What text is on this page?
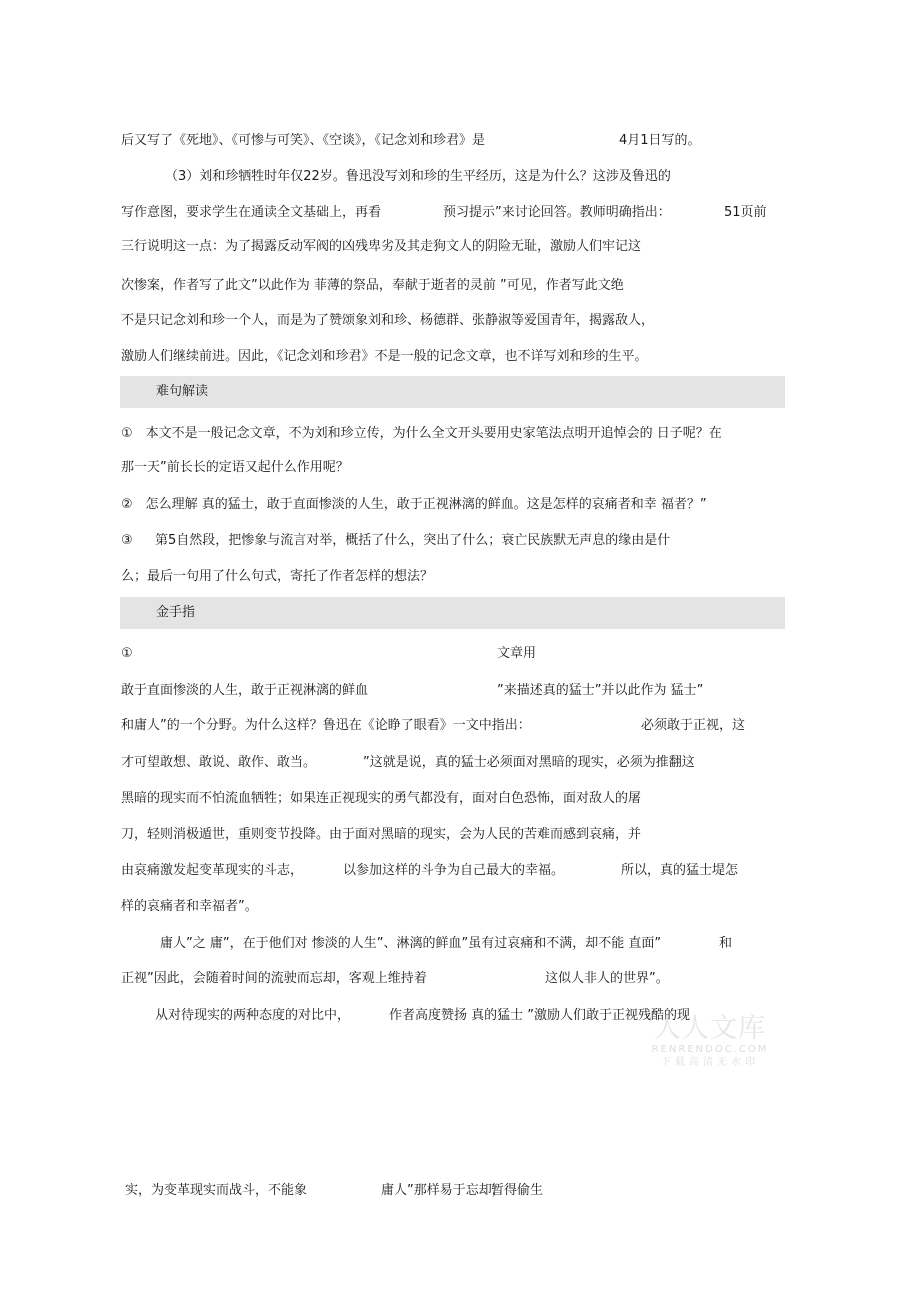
后又写了《死地》、《可惨与可笑》、《空谈》，《记念刘和珍君》是	4月1日写的。
（3）刘和珍牺牲时年仅22岁。鲁迅没写刘和珍的生平经历，这是为什么？这涉及鲁迅的
写作意图，要求学生在通读全文基础上，再看	预习提示”来讨论回答。教师明确指出：	51页前
三行说明这一点：为了揭露反动军阀的凶残卑劣及其走狗文人的阴险无耻，激励人们牢记这
次惨案，作者写了此文”以此作为 菲薄的祭品，奉献于逝者的灵前 ”可见，作者写此文绝
不是只记念刘和珍一个人，而是为了赞颂象刘和珍、杨德群、张静淑等爱国青年，揭露敌人，
激励人们继续前进。因此，《记念刘和珍君》不是一般的记念文章，也不详写刘和珍的生平。
难句解读
①　本文不是一般记念文章，不为刘和珍立传，为什么全文开头要用史家笔法点明开追悼会的 日子呢？在
那一天”前长长的定语又起什么作用呢？
②　怎么理解 真的猛士，敢于直面惨淡的人生，敢于正视淋漓的鲜血。这是怎样的哀痛者和幸 福者？”
③ 第5自然段，把惨象与流言对举，概括了什么，突出了什么；衰亡民族默无声息的缘由是什
么；最后一句用了什么句式，寄托了作者怎样的想法？
金手指
①	文章用
敢于直面惨淡的人生，敢于正视淋漓的鲜血	”来描述真的猛士”并以此作为 猛士”
和庸人”的一个分野。为什么这样？鲁迅在《论睁了眼看》一文中指出：	必须敢于正视，这
才可望敢想、敢说、敢作、敢当。	”这就是说，真的猛士必须面对黑暗的现实，必须为推翻这
黑暗的现实而不怕流血牺牲；如果连正视现实的勇气都没有，面对白色恐怖，面对敌人的屠
刀，轻则消极遁世，重则变节投降。由于面对黑暗的现实，会为人民的苦难而感到哀痛，并
由哀痛激发起变革现实的斗志，	以参加这样的斗争为自己最大的幸福。	所以，真的猛士堤怎
样的哀痛者和幸福者”。
庸人”之 庸”，在于他们对 惨淡的人生”、淋漓的鲜血”虽有过哀痛和不满，却不能 直面”	和
正视”因此，会随着时间的流驶而忘却，客观上维持着	这似人非人的世界”。
从对待现实的两种态度的对比中，	作者高度赞扬 真的猛士 ”激励人们敢于正视残酷的现
人人文库
RENRENDOC.COM
下载高清无水印
实，为变革现实而战斗，不能象	庸人”那样易于忘却，
暂得偷生
